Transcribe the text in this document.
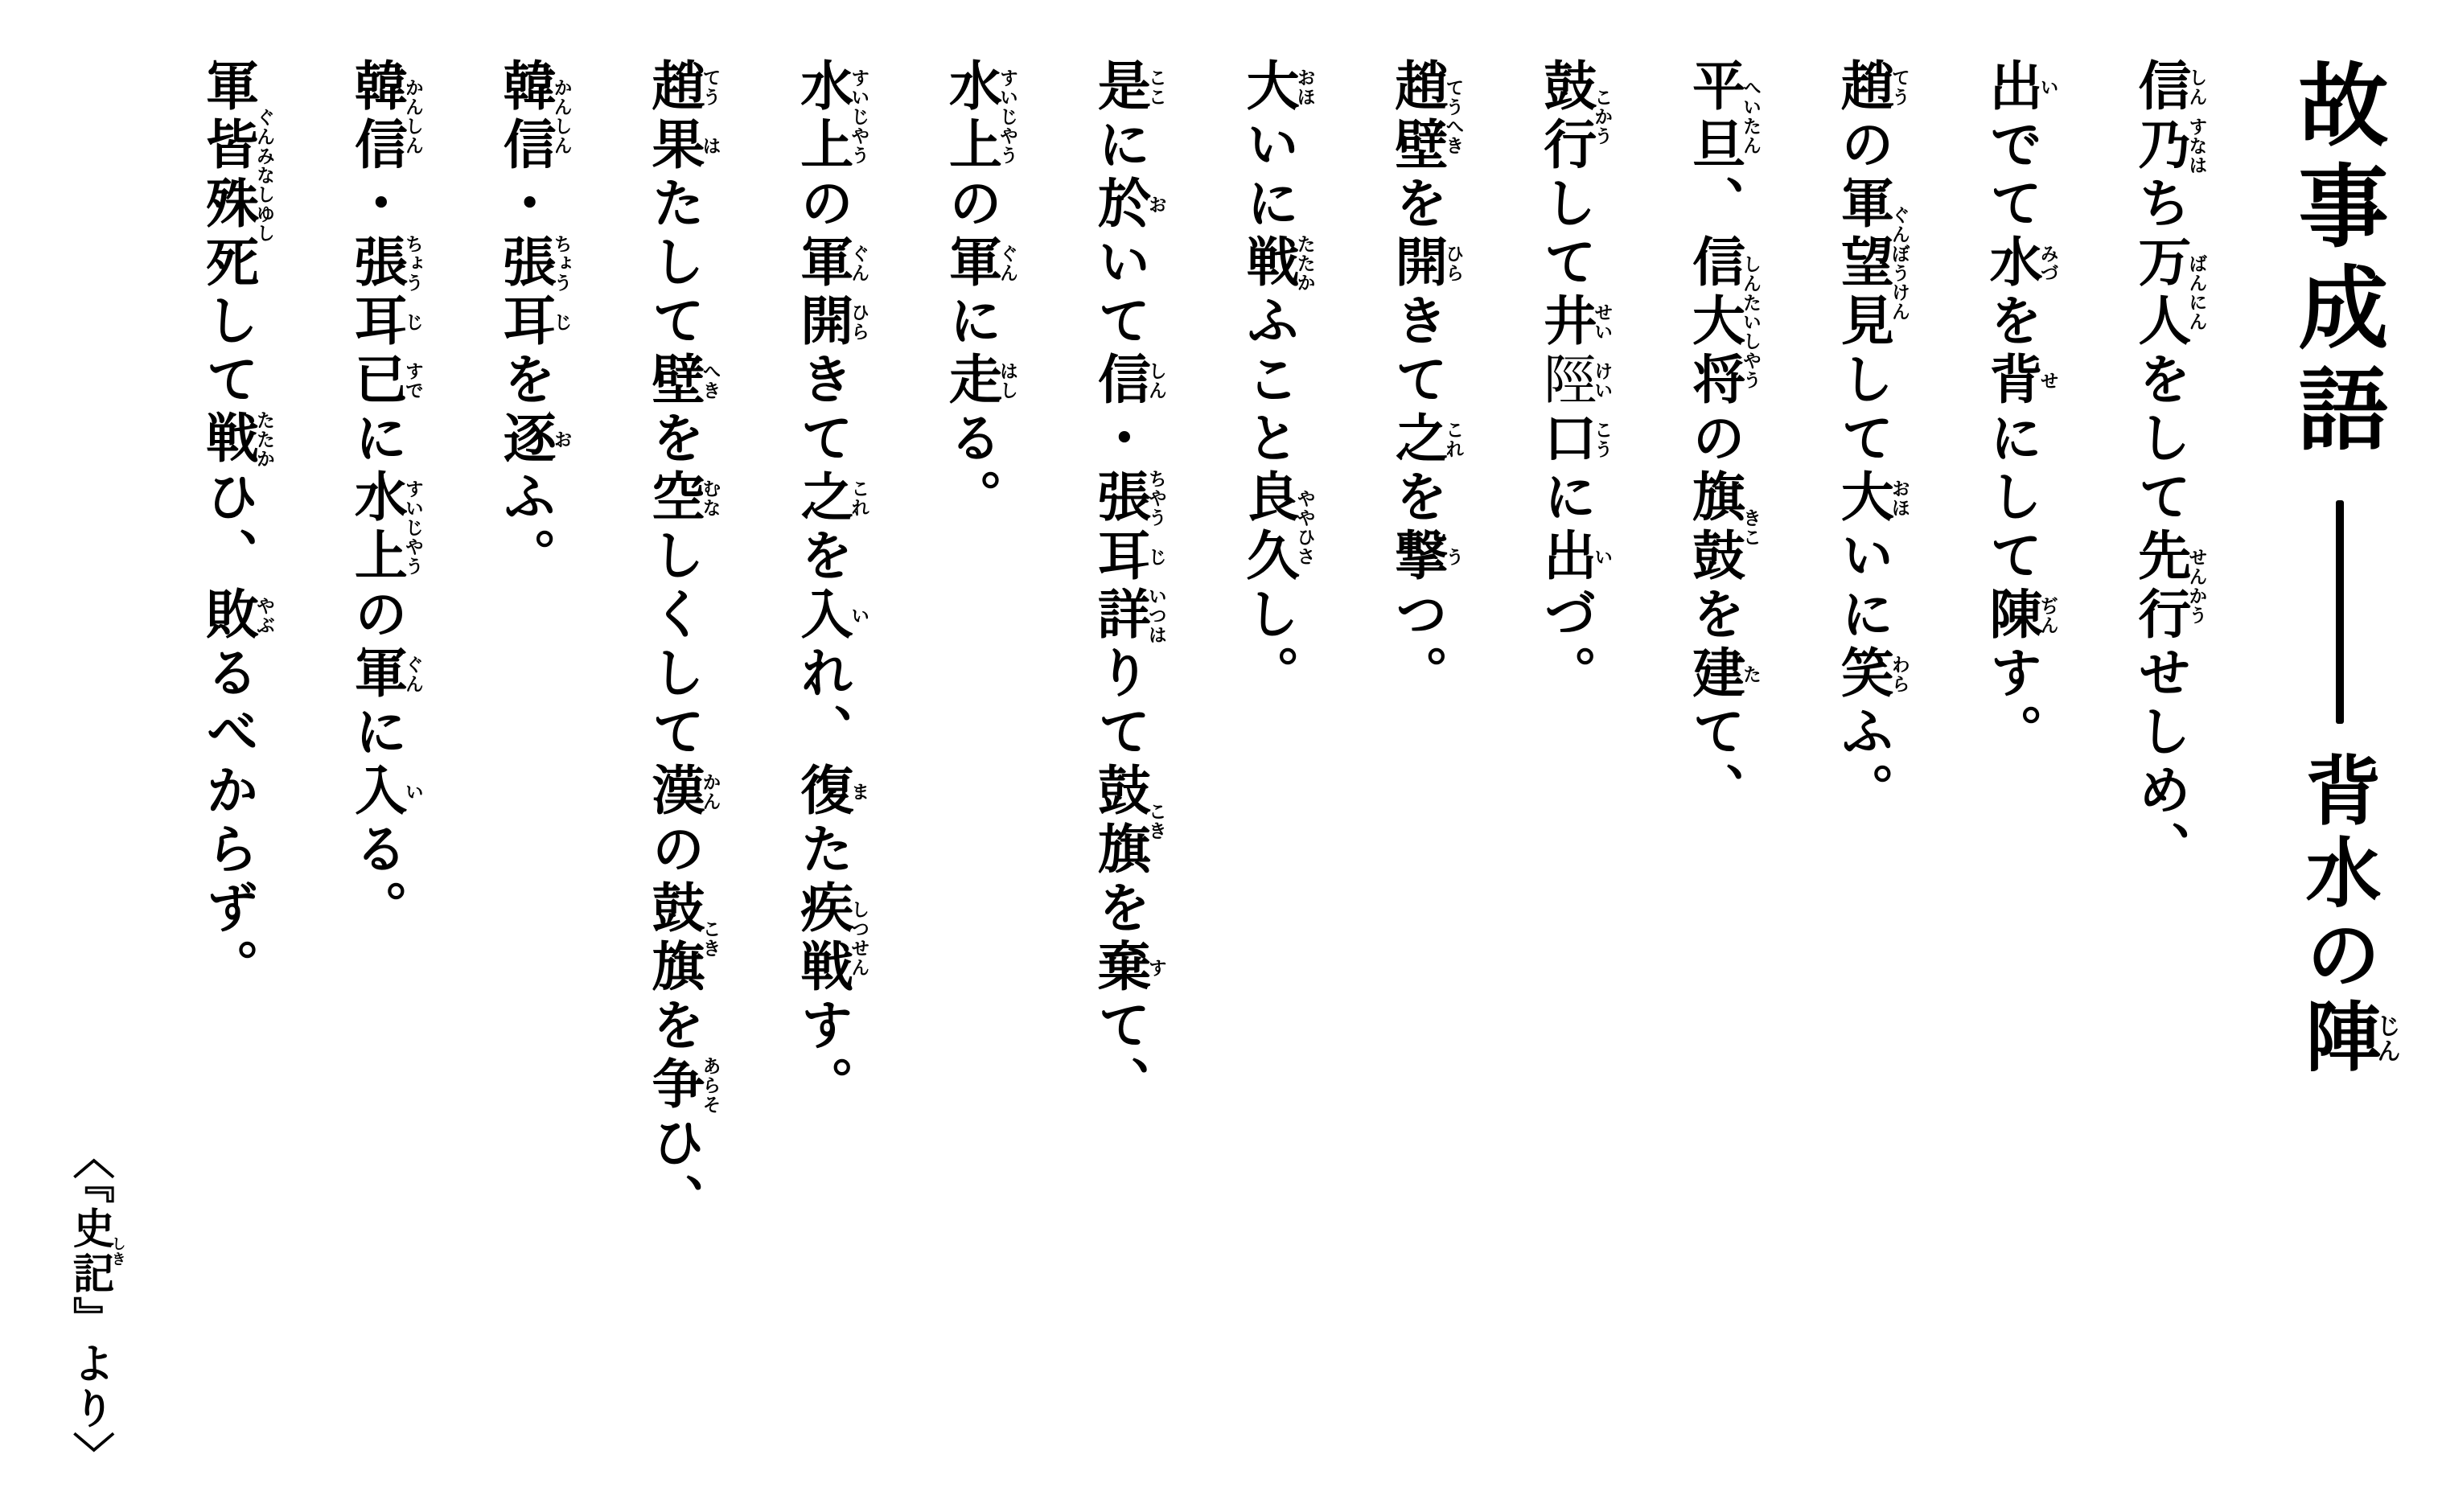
故事成語背水の陣じん
信しん乃すなはち万人ばんにんをして先行せんかうせしめ、
出いでて水みづを背せにして陳ぢんす。
趙てうの軍望見ぐんぼうけんして大おほいに笑わらふ。
平旦へいたん、信大将しんたいしやうの旗鼓きこを建たて、
鼓行こかうして井せい陘けい口こうに出いづ。
趙壁てうへきを開ひらきて之これを撃うつ。
大おほいに戦たたかふこと良久ややひさし。
是ここに於おいて信しん・張ちやう耳じ詳いつはりて鼓旗こきを棄すて、
水上すいじやうの軍ぐんに走はしる。
水上すいじやうの軍ぐん開ひらきて之これを入いれ、復また疾戦しつせんす。
趙てう果はたして壁へきを空むなしくして漢かんの鼓旗こきを争あらそひ、
韓信かんしん・張ちょう耳じを逐おふ。
韓信かんしん・張ちょう耳じ已すでに水上すいじやうの軍ぐんに入いる。
軍皆殊死ぐんみなしゆしして戦たたかひ、敗やぶるべからず。
〈『史記しき』より〉
